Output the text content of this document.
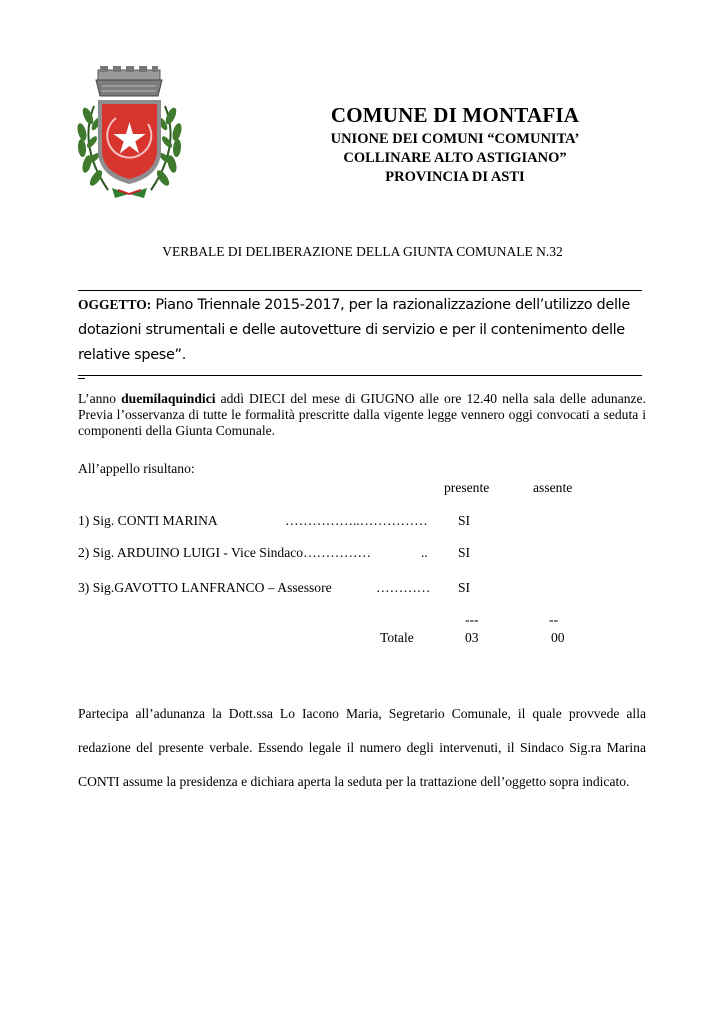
COMUNE DI MONTAFIA
UNIONE DEI COMUNI “COMUNITA’
COLLINARE ALTO ASTIGIANO”
PROVINCIA DI ASTI
VERBALE DI DELIBERAZIONE DELLA GIUNTA COMUNALE N.32
OGGETTO: Piano Triennale 2015-2017, per la razionalizzazione dell’utilizzo delle dotazioni strumentali e delle autovetture di servizio e per il contenimento delle relative spese”.
L’anno duemilaquindici addì DIECI del mese di GIUGNO alle ore 12.40 nella sala delle adunanze. Previa l’osservanza di tutte le formalità prescritte dalla vigente legge vennero oggi convocati a seduta i componenti della Giunta Comunale.
All’appello risultano:
presente	assente
1) Sig. CONTI MARINA	……………..…………… SI
2) Sig. ARDUINO LUIGI - Vice Sindaco……………	.. SI
3) Sig.GAVOTTO LANFRANCO – Assessore	………… SI
---	--
Totale	03	00
Partecipa all’adunanza la Dott.ssa Lo Iacono Maria, Segretario Comunale, il quale provvede alla redazione del presente verbale. Essendo legale il numero degli intervenuti, il Sindaco Sig.ra Marina CONTI assume la presidenza e dichiara aperta la seduta per la trattazione dell’oggetto sopra indicato.
